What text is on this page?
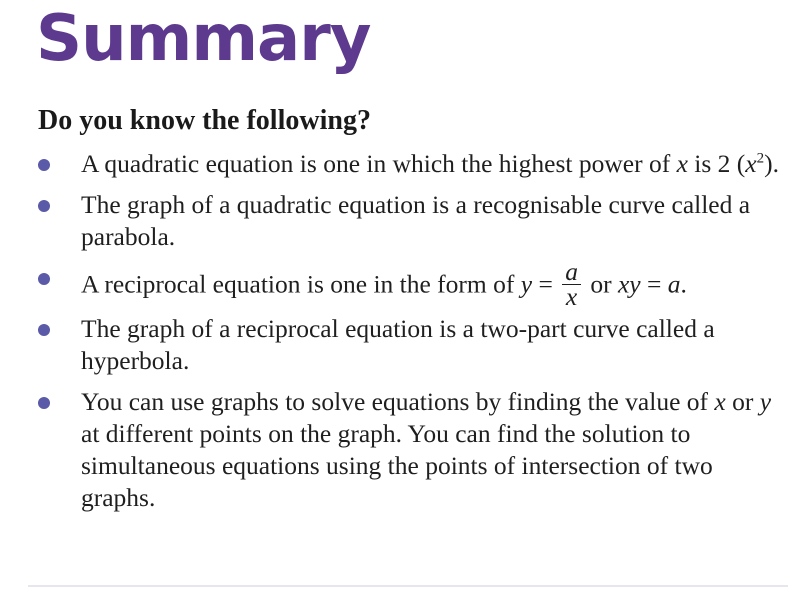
Summary
Do you know the following?
A quadratic equation is one in which the highest power of x is 2 $(x^2)$.
The graph of a quadratic equation is a recognisable curve called a parabola.
A reciprocal equation is one in the form of $y = \frac{a}{x}$ or xy = a.
The graph of a reciprocal equation is a two-part curve called a hyperbola.
You can use graphs to solve equations by finding the value of x or y at different points on the graph. You can find the solution to simultaneous equations using the points of intersection of two graphs.
